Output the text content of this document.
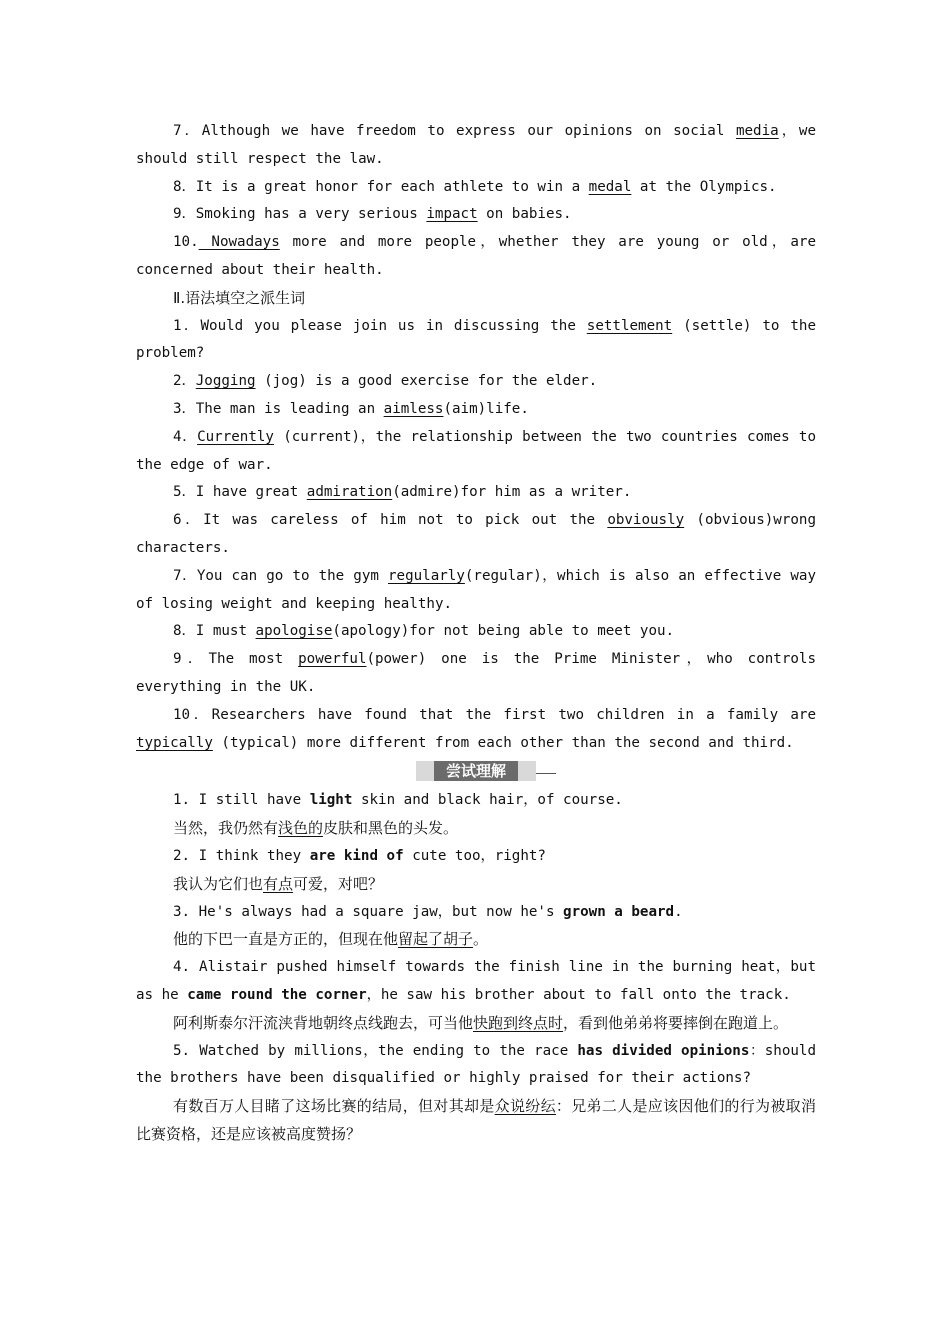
7．Although we have freedom to express our opinions on social media，we should still respect the law.

8．It is a great honor for each athlete to win a medal at the Olympics.

9．Smoking has a very serious impact on babies.

10. Nowadays more and more people，whether they are young or old，are concerned about their health.

Ⅱ.语法填空之派生词

1．Would you please join us in discussing the settlement (settle) to the problem?

2．Jogging (jog) is a good exercise for the elder.

3．The man is leading an aimless(aim)life.

4．Currently (current)，the relationship between the two countries comes to the edge of war.

5．I have great admiration(admire)for him as a writer.

6．It was careless of him not to pick out the obviously (obvious)wrong characters.

7．You can go to the gym regularly(regular)，which is also an effective way of losing weight and keeping healthy.

8．I must apologise(apology)for not being able to meet you.

9．The most powerful(power) one is the Prime Minister，who controls everything in the UK.

10．Researchers have found that the first two children in a family are typically (typical) more different from each other than the second and third.

尝试理解

1. I still have light skin and black hair，of course.

当然，我仍然有浅色的皮肤和黑色的头发。

2. I think they are kind of cute too，right?

我认为它们也有点可爱，对吧？

3. He's always had a square jaw，but now he's grown a beard.

他的下巴一直是方正的，但现在他留起了胡子。

4. Alistair pushed himself towards the finish line in the burning heat，but as he came round the corner，he saw his brother about to fall onto the track.

阿利斯泰尔汗流浃背地朝终点线跑去，可当他快跑到终点时，看到他弟弟将要摔倒在跑道上。

5. Watched by millions，the ending to the race has divided opinions：should the brothers have been disqualified or highly praised for their actions?

有数百万人目睹了这场比赛的结局，但对其却是众说纷纭：兄弟二人是应该因他们的行为被取消比赛资格，还是应该被高度赞扬？
